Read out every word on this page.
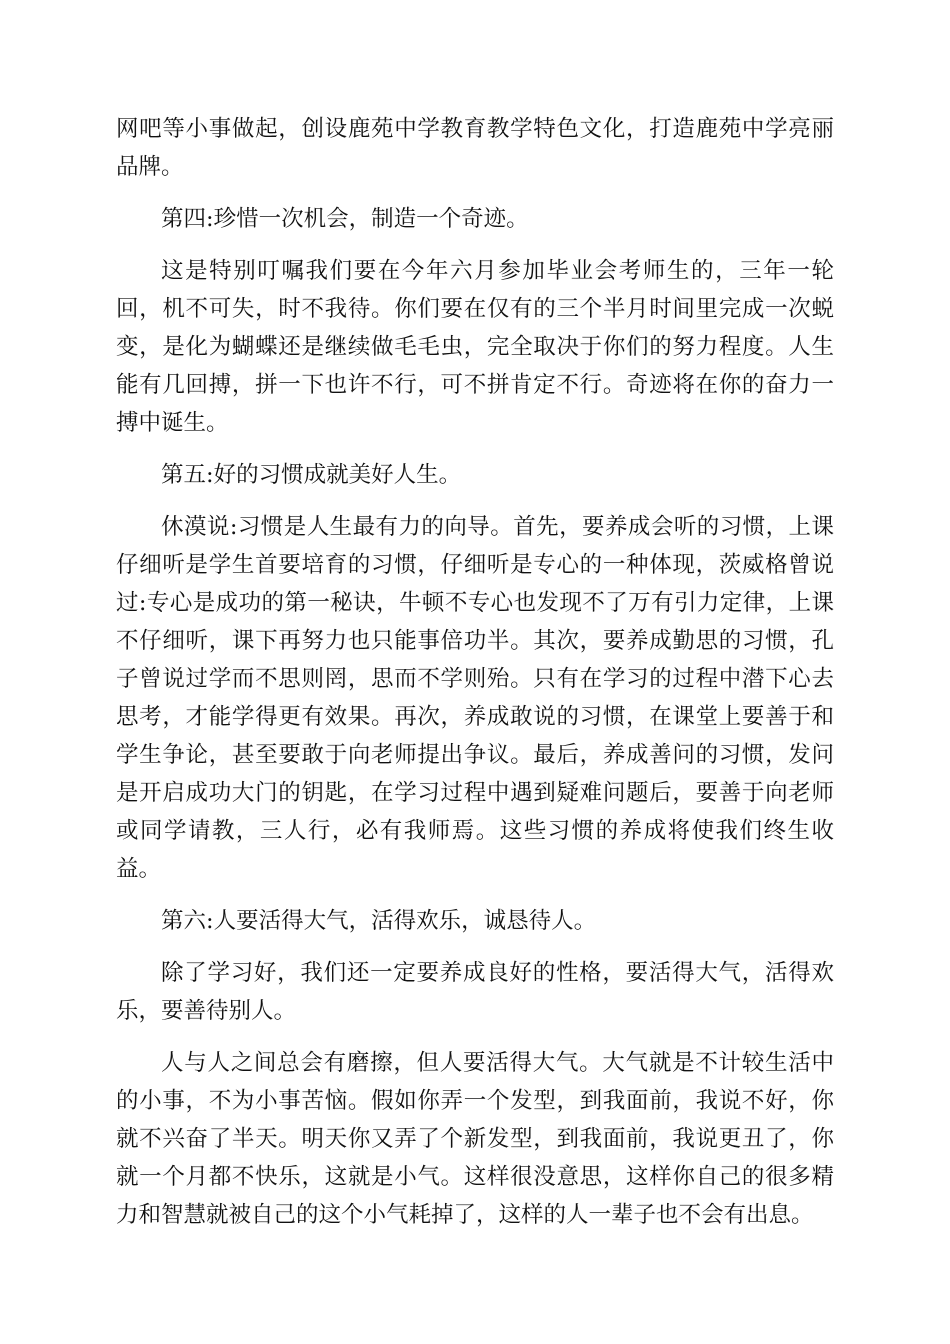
网吧等小事做起，创设鹿苑中学教育教学特色文化，打造鹿苑中学亮丽品牌。

第四:珍惜一次机会，制造一个奇迹。

这是特别叮嘱我们要在今年六月参加毕业会考师生的，三年一轮回，机不可失，时不我待。你们要在仅有的三个半月时间里完成一次蜕变，是化为蝴蝶还是继续做毛毛虫，完全取决于你们的努力程度。人生能有几回搏，拼一下也许不行，可不拼肯定不行。奇迹将在你的奋力一搏中诞生。

第五:好的习惯成就美好人生。

休漠说:习惯是人生最有力的向导。首先，要养成会听的习惯，上课仔细听是学生首要培育的习惯，仔细听是专心的一种体现，茨威格曾说过:专心是成功的第一秘诀，牛顿不专心也发现不了万有引力定律，上课不仔细听，课下再努力也只能事倍功半。其次，要养成勤思的习惯，孔子曾说过学而不思则罔，思而不学则殆。只有在学习的过程中潜下心去思考，才能学得更有效果。再次，养成敢说的习惯，在课堂上要善于和学生争论，甚至要敢于向老师提出争议。最后，养成善问的习惯，发问是开启成功大门的钥匙，在学习过程中遇到疑难问题后，要善于向老师或同学请教，三人行，必有我师焉。这些习惯的养成将使我们终生收益。

第六:人要活得大气，活得欢乐，诚恳待人。

除了学习好，我们还一定要养成良好的性格，要活得大气，活得欢乐，要善待别人。

人与人之间总会有磨擦，但人要活得大气。大气就是不计较生活中的小事，不为小事苦恼。假如你弄一个发型，到我面前，我说不好，你就不兴奋了半天。明天你又弄了个新发型，到我面前，我说更丑了，你就一个月都不快乐，这就是小气。这样很没意思，这样你自己的很多精力和智慧就被自己的这个小气耗掉了，这样的人一辈子也不会有出息。
